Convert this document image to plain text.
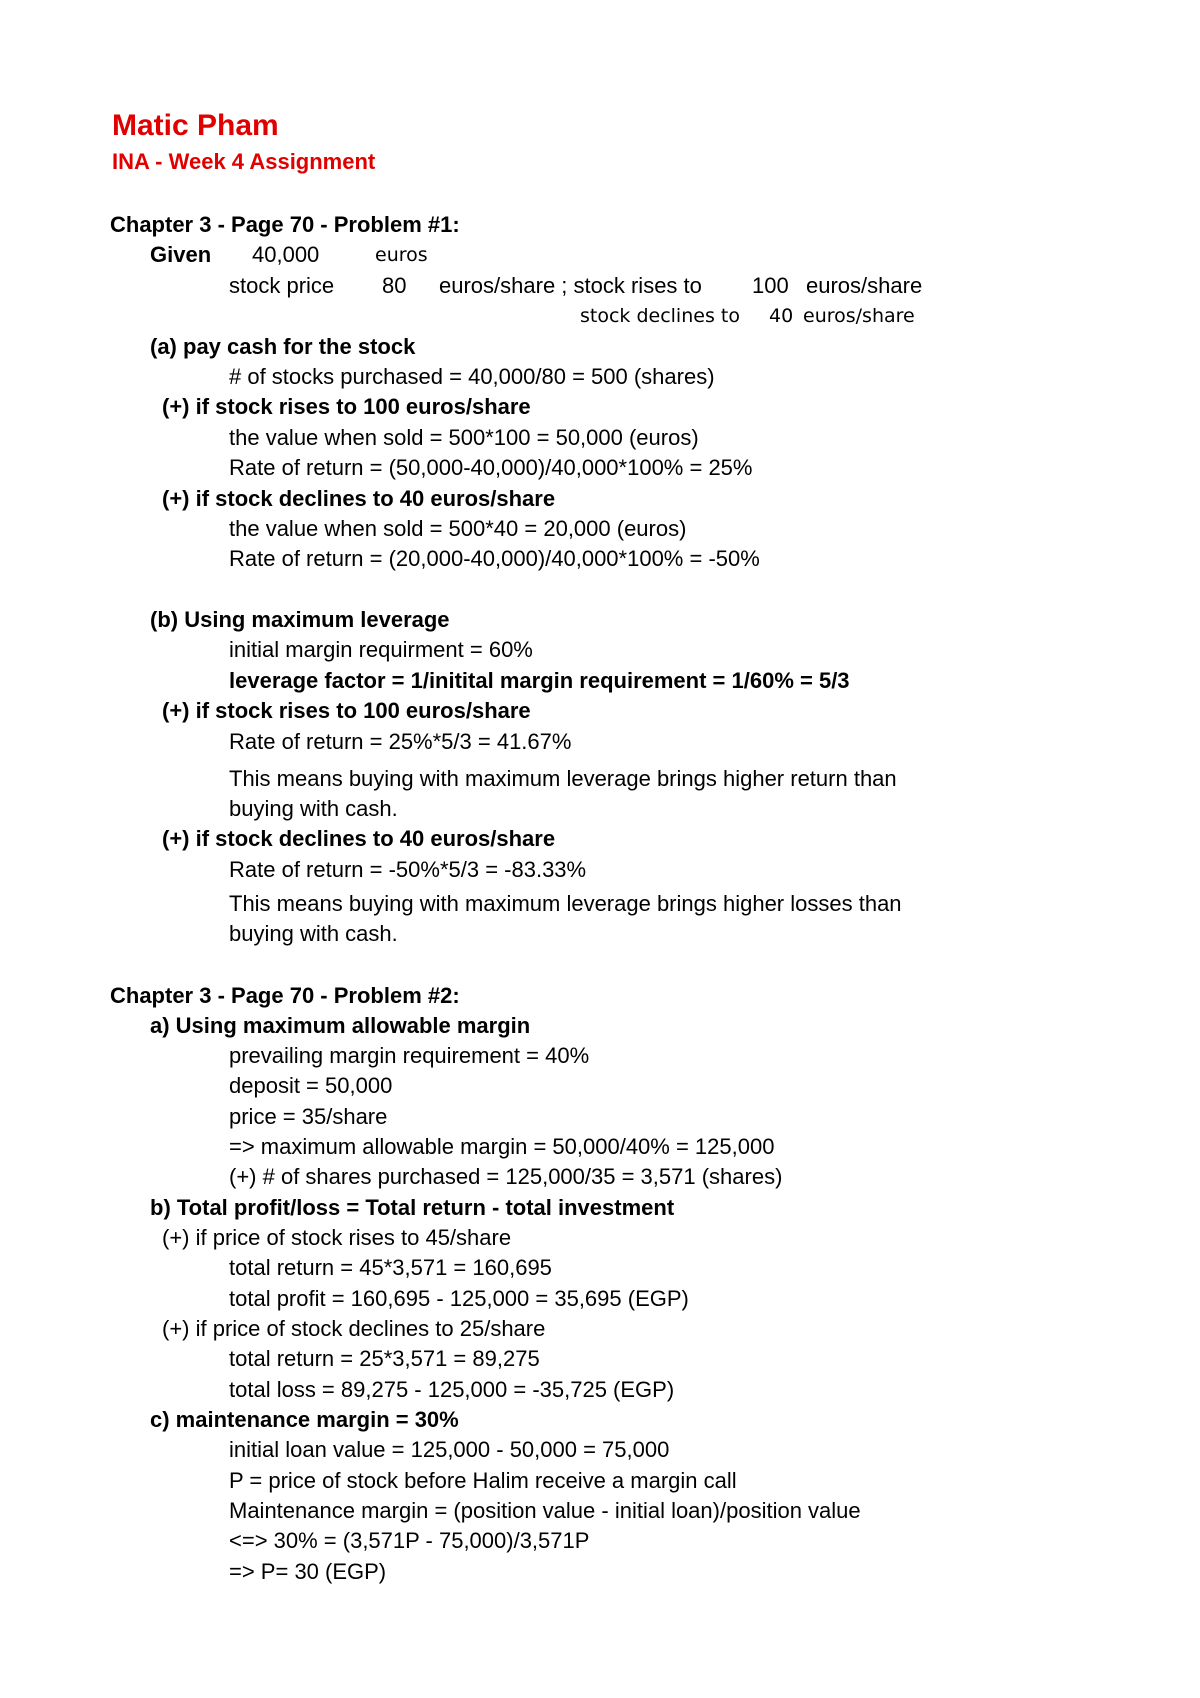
Matic Pham
INA - Week 4 Assignment
Chapter 3 - Page 70 - Problem #1:
Given 40,000	euros
stock price 80 euros/share ; stock rises to 100 euros/share
stock declines to 40 euros/share
(a) pay cash for the stock
# of stocks purchased = 40,000/80 = 500 (shares)
(+) if stock rises to 100 euros/share
the value when sold = 500*100 = 50,000 (euros)
Rate of return = (50,000-40,000)/40,000*100% = 25%
(+) if stock declines to 40 euros/share
the value when sold = 500*40 = 20,000 (euros)
Rate of return = (20,000-40,000)/40,000*100% = -50%
(b) Using maximum leverage
initial margin requirment = 60%
leverage factor = 1/initital margin requirement = 1/60% = 5/3
(+) if stock rises to 100 euros/share
Rate of return = 25%*5/3 = 41.67%
This means buying with maximum leverage brings higher return than
buying with cash.
(+) if stock declines to 40 euros/share
Rate of return = -50%*5/3 = -83.33%
This means buying with maximum leverage brings higher losses than
buying with cash.
Chapter 3 - Page 70 - Problem #2:
a) Using maximum allowable margin
prevailing margin requirement = 40%
deposit = 50,000
price = 35/share
=> maximum allowable margin = 50,000/40% = 125,000
(+) # of shares purchased = 125,000/35 = 3,571 (shares)
b) Total profit/loss = Total return - total investment
(+) if price of stock rises to 45/share
total return = 45*3,571 = 160,695
total profit = 160,695 - 125,000 = 35,695 (EGP)
(+) if price of stock declines to 25/share
total return = 25*3,571 = 89,275
total loss = 89,275 - 125,000 = -35,725 (EGP)
c) maintenance margin = 30%
initial loan value = 125,000 - 50,000 = 75,000
P = price of stock before Halim receive a margin call
Maintenance margin = (position value - initial loan)/position value
<=> 30% = (3,571P - 75,000)/3,571P
=> P= 30 (EGP)
